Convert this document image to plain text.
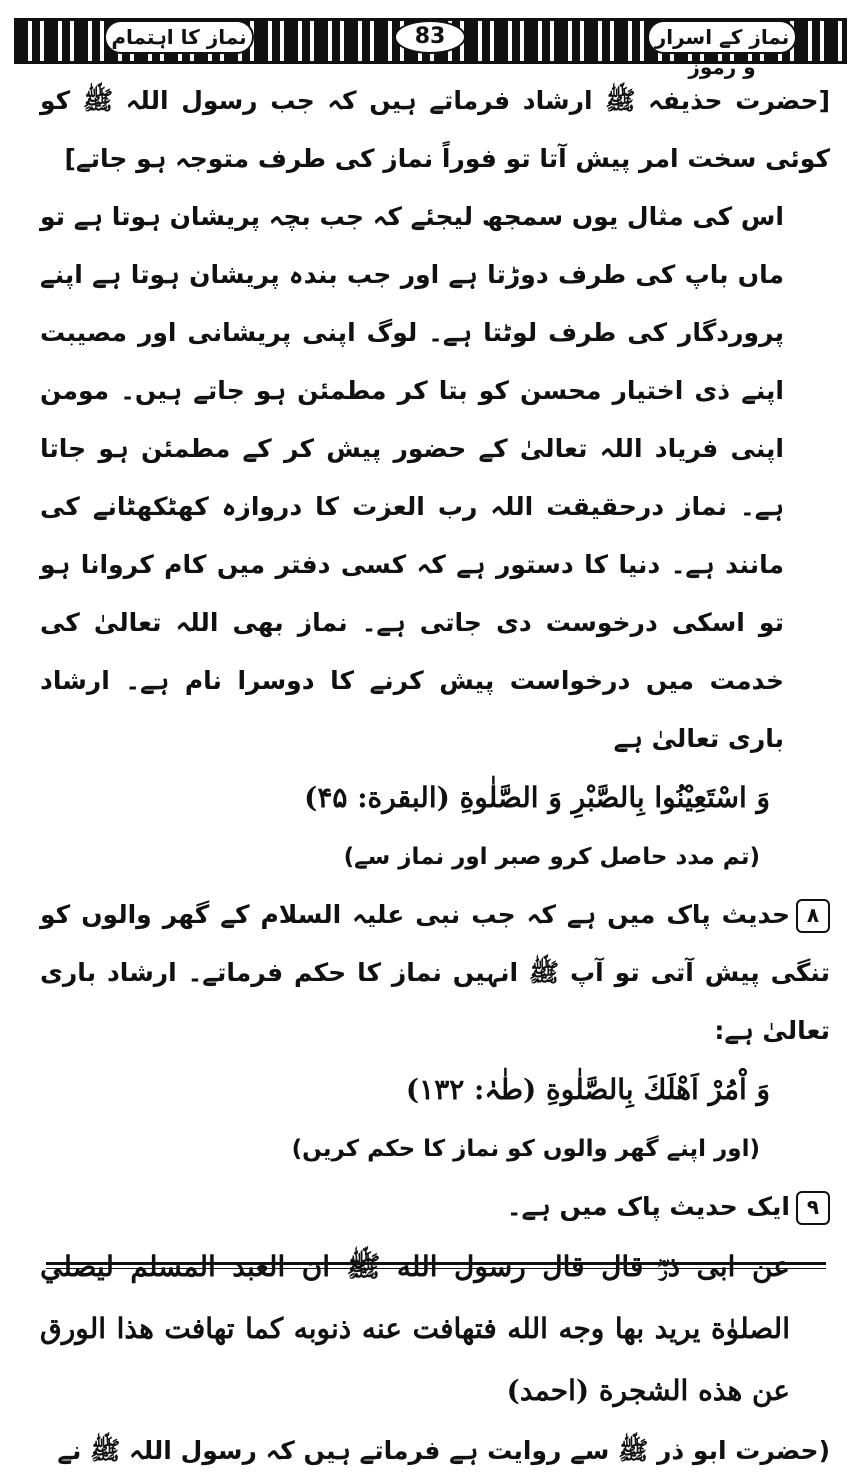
نماز کے اسرار و رموز
83
نماز کا اہتمام

[حضرت حذیفہ ﷺ ارشاد فرماتے ہیں کہ جب رسول اللہ ﷺ کو کوئی سخت امر پیش آتا تو فوراً نماز کی طرف متوجہ ہو جاتے]

اس کی مثال یوں سمجھ لیجئے کہ جب بچہ پریشان ہوتا ہے تو ماں باپ کی طرف دوڑتا ہے اور جب بندہ پریشان ہوتا ہے اپنے پروردگار کی طرف لوٹتا ہے۔ لوگ اپنی پریشانی اور مصیبت اپنے ذی اختیار محسن کو بتا کر مطمئن ہو جاتے ہیں۔ مومن اپنی فریاد اللہ تعالیٰ کے حضور پیش کر کے مطمئن ہو جاتا ہے۔ نماز درحقیقت اللہ رب العزت کا دروازہ کھٹکھٹانے کی مانند ہے۔ دنیا کا دستور ہے کہ کسی دفتر میں کام کروانا ہو تو اسکی درخوست دی جاتی ہے۔ نماز بھی اللہ تعالیٰ کی خدمت میں درخواست پیش کرنے کا دوسرا نام ہے۔ ارشاد باری تعالیٰ ہے

وَ اسْتَعِيْنُوا بِالصَّبْرِ وَ الصَّلٰوةِ (البقرة: ۴۵)

(تم مدد حاصل کرو صبر اور نماز سے)

۸حدیث پاک میں ہے کہ جب نبی علیہ السلام کے گھر والوں کو تنگی پیش آتی تو آپ ﷺ انہیں نماز کا حکم فرماتے۔ ارشاد باری تعالیٰ ہے:

وَ اْمُرْ اَهْلَكَ بِالصَّلٰوةِ (طٰہٰ: ۱۳۲)

(اور اپنے گھر والوں کو نماز کا حکم کریں)

۹ایک حدیث پاک میں ہے۔

عن ابی ذرؓ قال قال رسول الله ﷺ ان العبد المسلم ليصلي الصلوٰة يريد بها وجه الله فتهافت عنه ذنوبه كما تهافت هذا الورق عن هذه الشجرة (احمد)

(حضرت ابو ذر ﷺ سے روایت ہے فرماتے ہیں کہ رسول اللہ ﷺ نے
